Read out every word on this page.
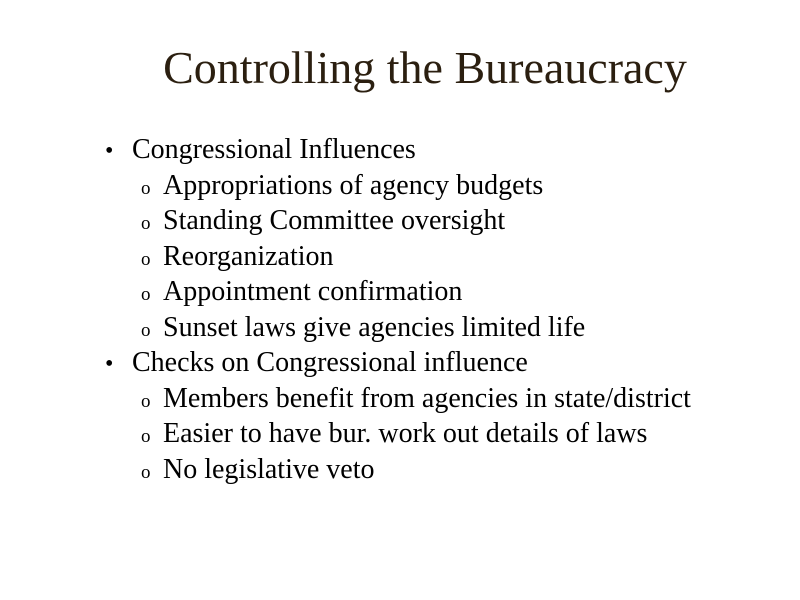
Controlling the Bureaucracy
• Congressional Influences
o Appropriations of agency budgets
o Standing Committee oversight
o Reorganization
o Appointment confirmation
o Sunset laws give agencies limited life
• Checks on Congressional influence
o Members benefit from agencies in state/district
o Easier to have bur. work out details of laws
o No legislative veto
